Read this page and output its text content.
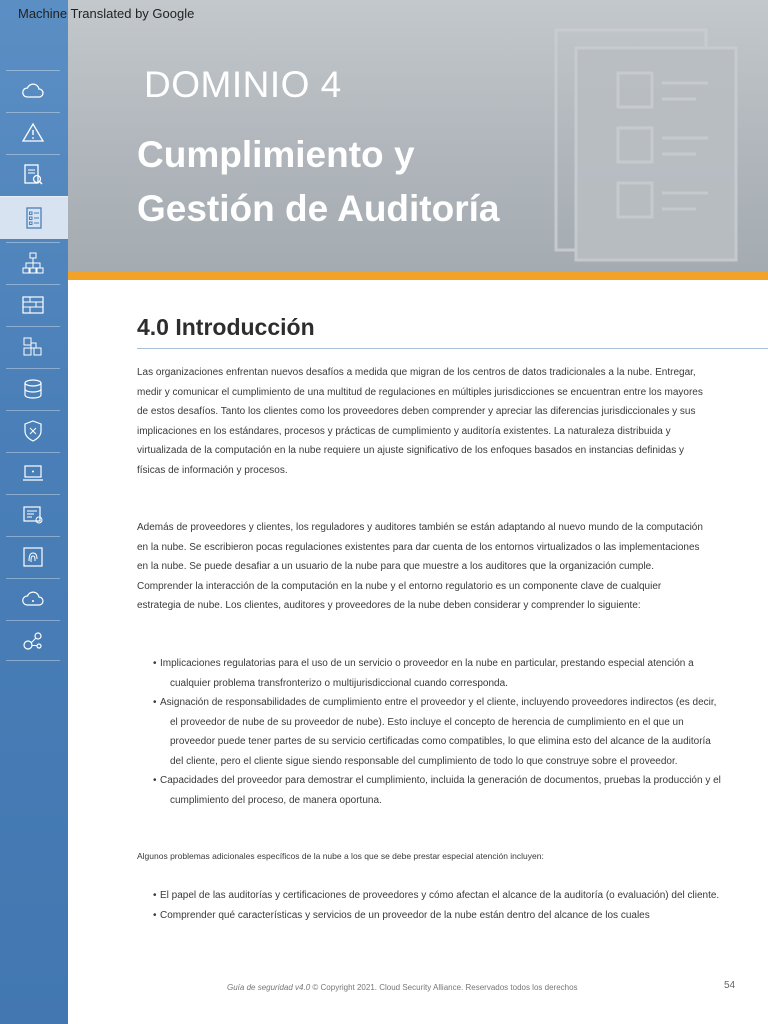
Machine Translated by Google
DOMINIO 4
Cumplimiento y
Gestión de Auditoría
4.0 Introducción

Las organizaciones enfrentan nuevos desafíos a medida que migran de los centros de datos tradicionales a la nube. Entregar, medir y comunicar el cumplimiento de una multitud de regulaciones en múltiples jurisdicciones se encuentran entre los mayores de estos desafíos. Tanto los clientes como los proveedores deben comprender y apreciar las diferencias jurisdiccionales y sus implicaciones en los estándares, procesos y prácticas de cumplimiento y auditoría existentes. La naturaleza distribuida y virtualizada de la computación en la nube requiere un ajuste significativo de los enfoques basados en instancias definidas y físicas de información y procesos.

Además de proveedores y clientes, los reguladores y auditores también se están adaptando al nuevo mundo de la computación en la nube. Se escribieron pocas regulaciones existentes para dar cuenta de los entornos virtualizados o las implementaciones en la nube. Se puede desafiar a un usuario de la nube para que muestre a los auditores que la organización cumple. Comprender la interacción de la computación en la nube y el entorno regulatorio es un componente clave de cualquier estrategia de nube. Los clientes, auditores y proveedores de la nube deben considerar y comprender lo siguiente:

• Implicaciones regulatorias para el uso de un servicio o proveedor en la nube en particular, prestando especial atención a cualquier problema transfronterizo o multijurisdiccional cuando corresponda.

• Asignación de responsabilidades de cumplimiento entre el proveedor y el cliente, incluyendo proveedores indirectos (es decir, el proveedor de nube de su proveedor de nube). Esto incluye el concepto de herencia de cumplimiento en el que un proveedor puede tener partes de su servicio certificadas como compatibles, lo que elimina esto del alcance de la auditoría del cliente, pero el cliente sigue siendo responsable del cumplimiento de todo lo que construye sobre el proveedor.

• Capacidades del proveedor para demostrar el cumplimiento, incluida la generación de documentos, pruebas la producción y el cumplimiento del proceso, de manera oportuna.

Algunos problemas adicionales específicos de la nube a los que se debe prestar especial atención incluyen:

• El papel de las auditorías y certificaciones de proveedores y cómo afectan el alcance de la auditoría (o evaluación) del cliente.

• Comprender qué características y servicios de un proveedor de la nube están dentro del alcance de los cuales

Guía de seguridad v4.0 © Copyright 2021. Cloud Security Alliance. Reservados todos los derechos	54
